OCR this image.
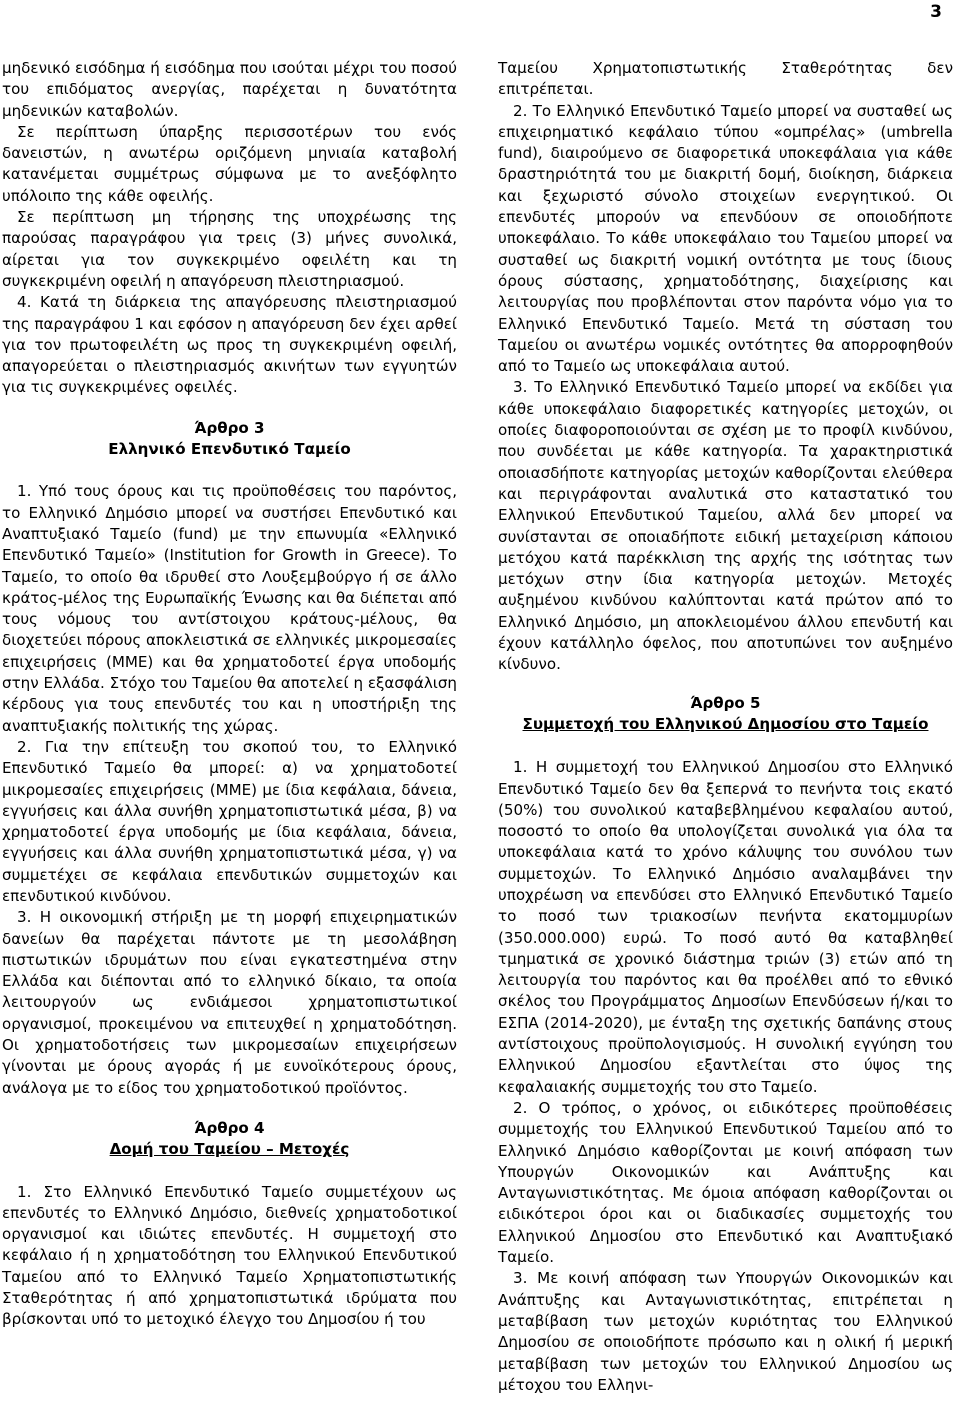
3

μηδενικό εισόδημα ή εισόδημα που ισούται μέχρι του ποσού του επιδόματος ανεργίας, παρέχεται η δυνατότητα μηδενικών καταβολών.

Σε περίπτωση ύπαρξης περισσοτέρων του ενός δανειστών, η ανωτέρω οριζόμενη μηνιαία καταβολή κατανέμεται συμμέτρως σύμφωνα με το ανεξόφλητο υπόλοιπο της κάθε οφειλής.

Σε περίπτωση μη τήρησης της υποχρέωσης της παρούσας παραγράφου για τρεις (3) μήνες συνολικά, αίρεται για τον συγκεκριμένο οφειλέτη και τη συγκεκριμένη οφειλή η απαγόρευση πλειστηριασμού.

4. Κατά τη διάρκεια της απαγόρευσης πλειστηριασμού της παραγράφου 1 και εφόσον η απαγόρευση δεν έχει αρθεί για τον πρωτοφειλέτη ως προς τη συγκεκριμένη οφειλή, απαγορεύεται ο πλειστηριασμός ακινήτων των εγγυητών για τις συγκεκριμένες οφειλές.

Άρθρο 3
Ελληνικό Επενδυτικό Ταμείο

1. Υπό τους όρους και τις προϋποθέσεις του παρόντος, το Ελληνικό Δημόσιο μπορεί να συστήσει Επενδυτικό και Αναπτυξιακό Ταμείο (fund) με την επωνυμία «Ελληνικό Επενδυτικό Ταμείο» (Institution for Growth in Greece). Το Ταμείο, το οποίο θα ιδρυθεί στο Λουξεμβούργο ή σε άλλο κράτος-μέλος της Ευρωπαϊκής Ένωσης και θα διέπεται από τους νόμους του αντίστοιχου κράτους-μέλους, θα διοχετεύει πόρους αποκλειστικά σε ελληνικές μικρομεσαίες επιχειρήσεις (ΜΜΕ) και θα χρηματοδοτεί έργα υποδομής στην Ελλάδα. Στόχο του Ταμείου θα αποτελεί η εξασφάλιση κέρδους για τους επενδυτές του και η υποστήριξη της αναπτυξιακής πολιτικής της χώρας.

2. Για την επίτευξη του σκοπού του, το Ελληνικό Επενδυτικό Ταμείο θα μπορεί: α) να χρηματοδοτεί μικρομεσαίες επιχειρήσεις (ΜΜΕ) με ίδια κεφάλαια, δάνεια, εγγυήσεις και άλλα συνήθη χρηματοπιστωτικά μέσα, β) να χρηματοδοτεί έργα υποδομής με ίδια κεφάλαια, δάνεια, εγγυήσεις και άλλα συνήθη χρηματοπιστωτικά μέσα, γ) να συμμετέχει σε κεφάλαια επενδυτικών συμμετοχών και επενδυτικού κινδύνου.

3. Η οικονομική στήριξη με τη μορφή επιχειρηματικών δανείων θα παρέχεται πάντοτε με τη μεσολάβηση πιστωτικών ιδρυμάτων που είναι εγκατεστημένα στην Ελλάδα και διέπονται από το ελληνικό δίκαιο, τα οποία λειτουργούν ως ενδιάμεσοι χρηματοπιστωτικοί οργανισμοί, προκειμένου να επιτευχθεί η χρηματοδότηση. Οι χρηματοδοτήσεις των μικρομεσαίων επιχειρήσεων γίνονται με όρους αγοράς ή με ευνοϊκότερους όρους, ανάλογα με το είδος του χρηματοδοτικού προϊόντος.

Άρθρο 4
Δομή του Ταμείου – Μετοχές

1. Στο Ελληνικό Επενδυτικό Ταμείο συμμετέχουν ως επενδυτές το Ελληνικό Δημόσιο, διεθνείς χρηματοδοτικοί οργανισμοί και ιδιώτες επενδυτές. Η συμμετοχή στο κεφάλαιο ή η χρηματοδότηση του Ελληνικού Επενδυτικού Ταμείου από το Ελληνικό Ταμείο Χρηματοπιστωτικής Σταθερότητας ή από χρηματοπιστωτικά ιδρύματα που βρίσκονται υπό το μετοχικό έλεγχο του Δημοσίου ή του

Ταμείου Χρηματοπιστωτικής Σταθερότητας δεν επιτρέπεται.

2. Το Ελληνικό Επενδυτικό Ταμείο μπορεί να συσταθεί ως επιχειρηματικό κεφάλαιο τύπου «ομπρέλας» (umbrella fund), διαιρούμενο σε διαφορετικά υποκεφάλαια για κάθε δραστηριότητά του με διακριτή δομή, διοίκηση, διάρκεια και ξεχωριστό σύνολο στοιχείων ενεργητικού. Οι επενδυτές μπορούν να επενδύουν σε οποιοδήποτε υποκεφάλαιο. Το κάθε υποκεφάλαιο του Ταμείου μπορεί να συσταθεί ως διακριτή νομική οντότητα με τους ίδιους όρους σύστασης, χρηματοδότησης, διαχείρισης και λειτουργίας που προβλέπονται στον παρόντα νόμο για το Ελληνικό Επενδυτικό Ταμείο. Μετά τη σύσταση του Ταμείου οι ανωτέρω νομικές οντότητες θα απορροφηθούν από το Ταμείο ως υποκεφάλαια αυτού.

3. Το Ελληνικό Επενδυτικό Ταμείο μπορεί να εκδίδει για κάθε υποκεφάλαιο διαφορετικές κατηγορίες μετοχών, οι οποίες διαφοροποιούνται σε σχέση με το προφίλ κινδύνου, που συνδέεται με κάθε κατηγορία. Τα χαρακτηριστικά οποιασδήποτε κατηγορίας μετοχών καθορίζονται ελεύθερα και περιγράφονται αναλυτικά στο καταστατικό του Ελληνικού Επενδυτικού Ταμείου, αλλά δεν μπορεί να συνίστανται σε οποιαδήποτε ειδική μεταχείριση κάποιου μετόχου κατά παρέκκλιση της αρχής της ισότητας των μετόχων στην ίδια κατηγορία μετοχών. Μετοχές αυξημένου κινδύνου καλύπτονται κατά πρώτον από το Ελληνικό Δημόσιο, μη αποκλειομένου άλλου επενδυτή και έχουν κατάλληλο όφελος, που αποτυπώνει τον αυξημένο κίνδυνο.

Άρθρο 5
Συμμετοχή του Ελληνικού Δημοσίου στο Ταμείο

1. Η συμμετοχή του Ελληνικού Δημοσίου στο Ελληνικό Επενδυτικό Ταμείο δεν θα ξεπερνά το πενήντα τοις εκατό (50%) του συνολικού καταβεβλημένου κεφαλαίου αυτού, ποσοστό το οποίο θα υπολογίζεται συνολικά για όλα τα υποκεφάλαια κατά το χρόνο κάλυψης του συνόλου των συμμετοχών. Το Ελληνικό Δημόσιο αναλαμβάνει την υποχρέωση να επενδύσει στο Ελληνικό Επενδυτικό Ταμείο το ποσό των τριακοσίων πενήντα εκατομμυρίων (350.000.000) ευρώ. Το ποσό αυτό θα καταβληθεί τμηματικά σε χρονικό διάστημα τριών (3) ετών από τη λειτουργία του παρόντος και θα προέλθει από το εθνικό σκέλος του Προγράμματος Δημοσίων Επενδύσεων ή/και το ΕΣΠΑ (2014-2020), με ένταξη της σχετικής δαπάνης στους αντίστοιχους προϋπολογισμούς. Η συνολική εγγύηση του Ελληνικού Δημοσίου εξαντλείται στο ύψος της κεφαλαιακής συμμετοχής του στο Ταμείο.

2. Ο τρόπος, ο χρόνος, οι ειδικότερες προϋποθέσεις συμμετοχής του Ελληνικού Επενδυτικού Ταμείου από το Ελληνικό Δημόσιο καθορίζονται με κοινή απόφαση των Υπουργών Οικονομικών και Ανάπτυξης και Ανταγωνιστικότητας. Με όμοια απόφαση καθορίζονται οι ειδικότεροι όροι και οι διαδικασίες συμμετοχής του Ελληνικού Δημοσίου στο Επενδυτικό και Αναπτυξιακό Ταμείο.

3. Με κοινή απόφαση των Υπουργών Οικονομικών και Ανάπτυξης και Ανταγωνιστικότητας, επιτρέπεται η μεταβίβαση των μετοχών κυριότητας του Ελληνικού Δημοσίου σε οποιοδήποτε πρόσωπο και η ολική ή μερική μεταβίβαση των μετοχών του Ελληνικού Δημοσίου ως μέτοχου του Ελληνι-
